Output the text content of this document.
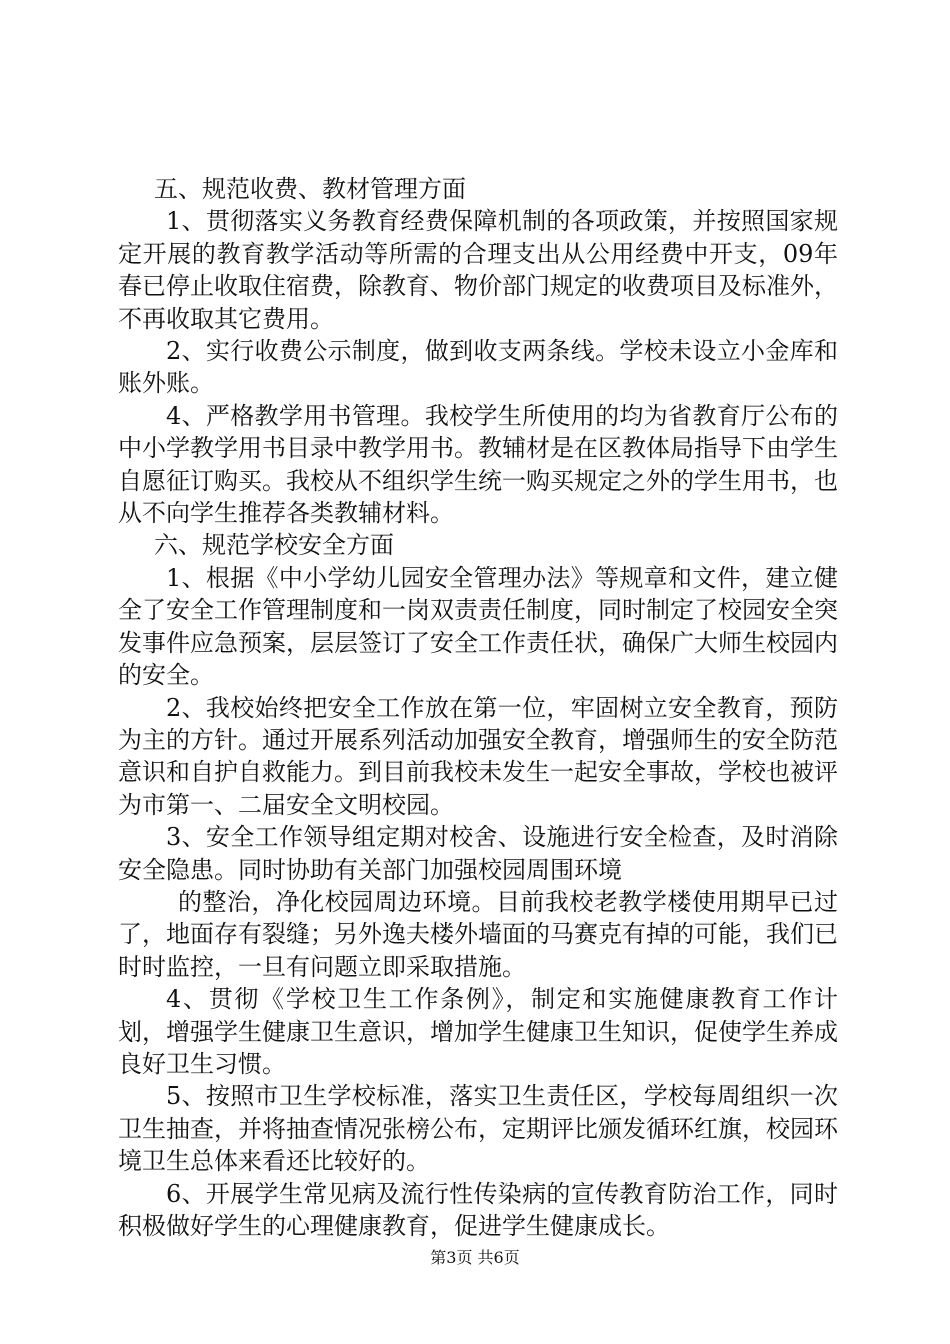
五、规范收费、教材管理方面

1、贯彻落实义务教育经费保障机制的各项政策，并按照国家规定开展的教育教学活动等所需的合理支出从公用经费中开支，09年春已停止收取住宿费，除教育、物价部门规定的收费项目及标准外，不再收取其它费用。

2、实行收费公示制度，做到收支两条线。学校未设立小金库和账外账。

4、严格教学用书管理。我校学生所使用的均为省教育厅公布的中小学教学用书目录中教学用书。教辅材是在区教体局指导下由学生自愿征订购买。我校从不组织学生统一购买规定之外的学生用书，也从不向学生推荐各类教辅材料。

六、规范学校安全方面

1、根据《中小学幼儿园安全管理办法》等规章和文件，建立健全了安全工作管理制度和一岗双责责任制度，同时制定了校园安全突发事件应急预案，层层签订了安全工作责任状，确保广大师生校园内的安全。

2、我校始终把安全工作放在第一位，牢固树立安全教育，预防为主的方针。通过开展系列活动加强安全教育，增强师生的安全防范意识和自护自救能力。到目前我校未发生一起安全事故，学校也被评为市第一、二届安全文明校园。

3、安全工作领导组定期对校舍、设施进行安全检查，及时消除安全隐患。同时协助有关部门加强校园周围环境

的整治，净化校园周边环境。目前我校老教学楼使用期早已过了，地面存有裂缝；另外逸夫楼外墙面的马赛克有掉的可能，我们已时时监控，一旦有问题立即采取措施。

4、贯彻《学校卫生工作条例》，制定和实施健康教育工作计划，增强学生健康卫生意识，增加学生健康卫生知识，促使学生养成良好卫生习惯。

5、按照市卫生学校标准，落实卫生责任区，学校每周组织一次卫生抽查，并将抽查情况张榜公布，定期评比颁发循环红旗，校园环境卫生总体来看还比较好的。

6、开展学生常见病及流行性传染病的宣传教育防治工作，同时积极做好学生的心理健康教育，促进学生健康成长。

第3页 共6页
